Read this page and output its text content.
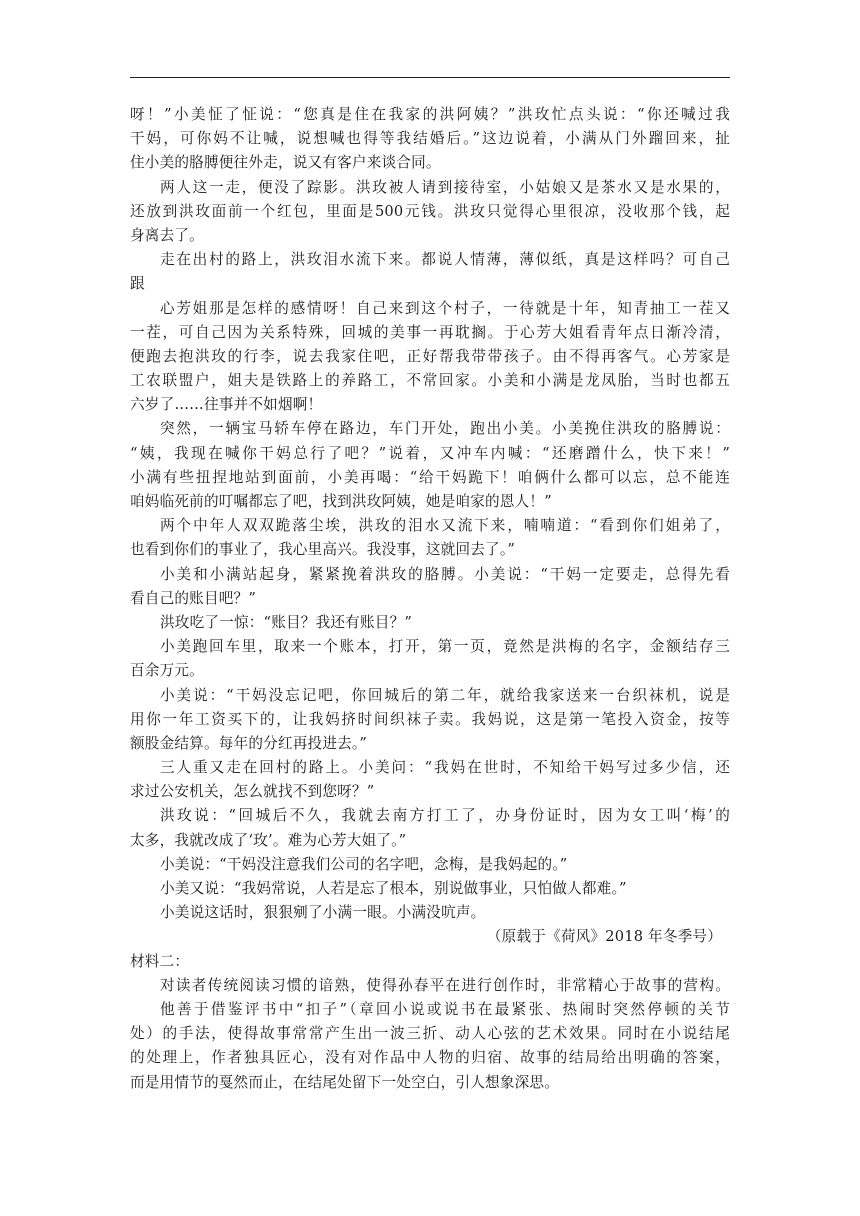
呀！”小美怔了怔说：“您真是住在我家的洪阿姨？”洪玫忙点头说：“你还喊过我
干妈，可你妈不让喊，说想喊也得等我结婚后。”这边说着，小满从门外蹓回来，扯
住小美的胳膊便往外走，说又有客户来谈合同。
两人这一走，便没了踪影。洪玫被人请到接待室，小姑娘又是茶水又是水果的，
还放到洪玫面前一个红包，里面是500元钱。洪玫只觉得心里很凉，没收那个钱，起
身离去了。
走在出村的路上，洪玫泪水流下来。都说人情薄，薄似纸，真是这样吗？可自己
跟
心芳姐那是怎样的感情呀！自己来到这个村子，一待就是十年，知青抽工一茬又
一茬，可自己因为关系特殊，回城的美事一再耽搁。于心芳大姐看青年点日渐冷清，
便跑去抱洪玫的行李，说去我家住吧，正好帮我带带孩子。由不得再客气。心芳家是
工农联盟户，姐夫是铁路上的养路工，不常回家。小美和小满是龙凤胎，当时也都五
六岁了……往事并不如烟啊！
突然，一辆宝马轿车停在路边，车门开处，跑出小美。小美挽住洪玫的胳膊说：
“姨，我现在喊你干妈总行了吧？”说着，又冲车内喊：“还磨蹭什么，快下来！”
小满有些扭捏地站到面前，小美再喝：“给干妈跪下！咱俩什么都可以忘，总不能连
咱妈临死前的叮嘱都忘了吧，找到洪玫阿姨，她是咱家的恩人！”
两个中年人双双跪落尘埃，洪玫的泪水又流下来，喃喃道：“看到你们姐弟了，
也看到你们的事业了，我心里高兴。我没事，这就回去了。”
小美和小满站起身，紧紧挽着洪玫的胳膊。小美说：“干妈一定要走，总得先看
看自己的账目吧？”
洪玫吃了一惊：“账目？我还有账目？”
小美跑回车里，取来一个账本，打开，第一页，竟然是洪梅的名字，金额结存三
百余万元。
小美说：“干妈没忘记吧，你回城后的第二年，就给我家送来一台织袜机，说是
用你一年工资买下的，让我妈挤时间织袜子卖。我妈说，这是第一笔投入资金，按等
额股金结算。每年的分红再投进去。”
三人重又走在回村的路上。小美问：“我妈在世时，不知给干妈写过多少信，还
求过公安机关，怎么就找不到您呀？”
洪玫说：“回城后不久，我就去南方打工了，办身份证时，因为女工叫‘梅’的
太多，我就改成了‘玫’。难为心芳大姐了。”
小美说：“干妈没注意我们公司的名字吧，念梅，是我妈起的。”
小美又说：“我妈常说，人若是忘了根本，别说做事业，只怕做人都难。”
小美说这话时，狠狠剜了小满一眼。小满没吭声。
（原载于《荷风》2018 年冬季号）
材料二：
对读者传统阅读习惯的谙熟，使得孙春平在进行创作时，非常精心于故事的营构。
他善于借鉴评书中“扣子”（章回小说或说书在最紧张、热闹时突然停顿的关节
处）的手法，使得故事常常产生出一波三折、动人心弦的艺术效果。同时在小说结尾
的处理上，作者独具匠心，没有对作品中人物的归宿、故事的结局给出明确的答案，
而是用情节的戛然而止，在结尾处留下一处空白，引人想象深思。
